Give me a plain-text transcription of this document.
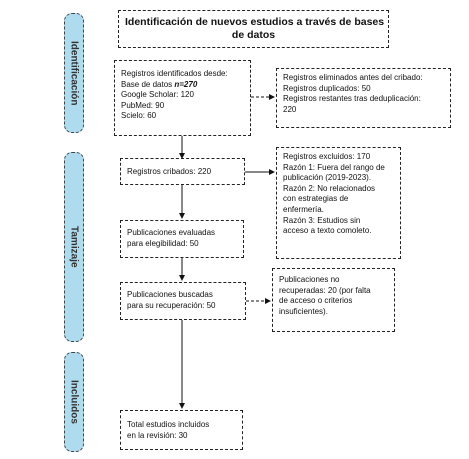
Identificación de nuevos estudios a través de bases
de datos
Identificación
Tamizaje
Incluidos
Registros identificados desde:
Base de datos n=270
Google Scholar: 120
PubMed: 90
Scielo: 60
Registros eliminados antes del cribado:
Registros duplicados: 50
Registros restantes tras deduplicación:
220
Registros cribados: 220
Registros excluidos: 170
Razón 1: Fuera del rango de
publicación (2019-2023).
Razón 2: No relacionados
con estrategias de
enfermería.
Razón 3: Estudios sin
acceso a texto comoleto.
Publicaciones evaluadas
para elegibilidad: 50
Publicaciones buscadas
para su recuperación: 50
Publicaciones no
recuperadas: 20 (por falta
de acceso o criterios
insuficientes).
Total estudios incluidos
en la revisión: 30
